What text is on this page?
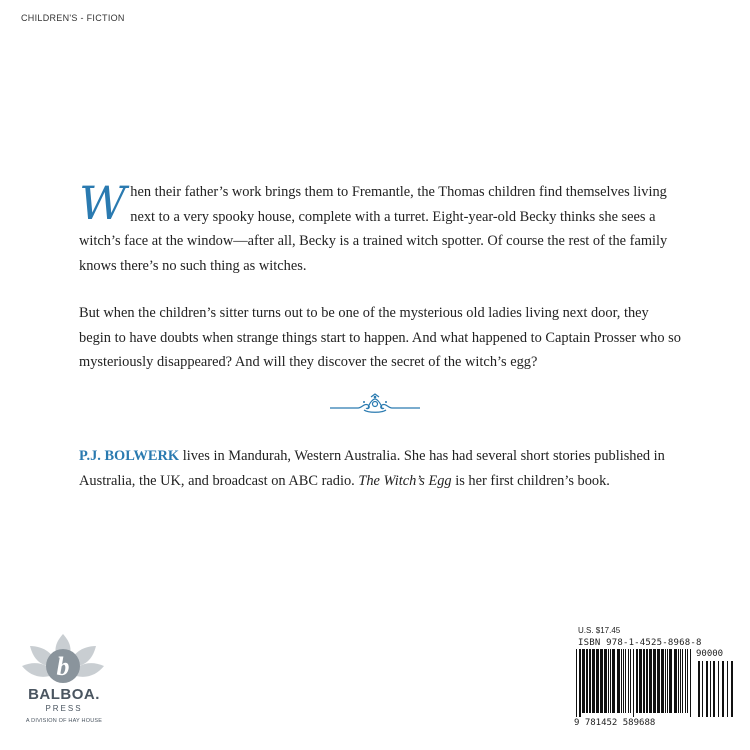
CHILDREN'S - FICTION

When their father’s work brings them to Fremantle, the Thomas children find themselves living next to a very spooky house, complete with a turret. Eight-year-old Becky thinks she sees a witch’s face at the window—after all, Becky is a trained witch spotter. Of course the rest of the family knows there’s no such thing as witches.

But when the children’s sitter turns out to be one of the mysterious old ladies living next door, they begin to have doubts when strange things start to happen. And what happened to Captain Prosser who so mysteriously disappeared? And will they discover the secret of the witch’s egg?

P.J. BOLWERK lives in Mandurah, Western Australia. She has had several short stories published in Australia, the UK, and broadcast on ABC radio. The Witch’s Egg is her first children’s book.

b
BALBOA.
PRESS
A DIVISION OF HAY HOUSE
U.S. $17.45
ISBN 978-1-4525-8968-8
9 781452 589688
90000
